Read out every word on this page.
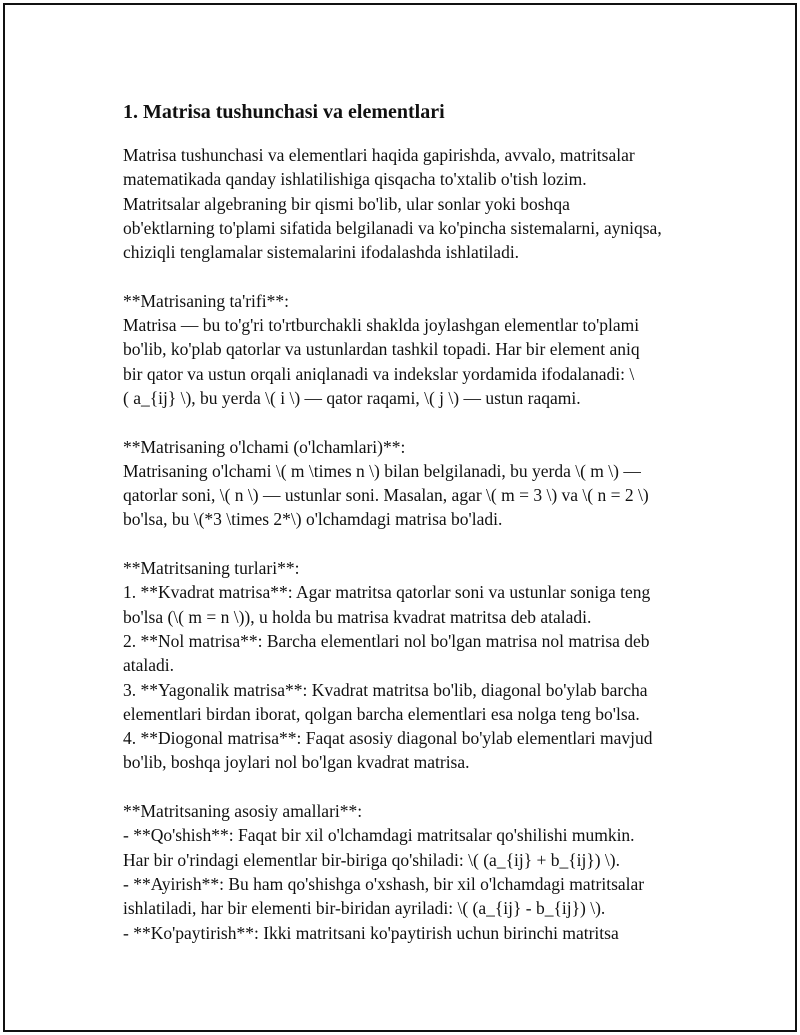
1. Matrisa tushunchasi va elementlari
Matrisa tushunchasi va elementlari haqida gapirishda, avvalo, matritsalar
matematikada qanday ishlatilishiga qisqacha to'xtalib o'tish lozim.
Matritsalar algebraning bir qismi bo'lib, ular sonlar yoki boshqa
ob'ektlarning to'plami sifatida belgilanadi va ko'pincha sistemalarni, ayniqsa,
chiziqli tenglamalar sistemalarini ifodalashda ishlatiladi.
**Matrisaning ta'rifi**:
Matrisa — bu to'g'ri to'rtburchakli shaklda joylashgan elementlar to'plami
bo'lib, ko'plab qatorlar va ustunlardan tashkil topadi. Har bir element aniq
bir qator va ustun orqali aniqlanadi va indekslar yordamida ifodalanadi: \
( a_{ij} \), bu yerda \( i \) — qator raqami, \( j \) — ustun raqami.
**Matrisaning o'lchami (o'lchamlari)**:
Matrisaning o'lchami \( m \times n \) bilan belgilanadi, bu yerda \( m \) —
qatorlar soni, \( n \) — ustunlar soni. Masalan, agar \( m = 3 \) va \( n = 2 \)
bo'lsa, bu \(*3 \times 2*\) o'lchamdagi matrisa bo'ladi.
**Matritsaning turlari**:
1. **Kvadrat matrisa**: Agar matritsa qatorlar soni va ustunlar soniga teng
bo'lsa (\( m = n \)), u holda bu matrisa kvadrat matritsa deb ataladi.
2. **Nol matrisa**: Barcha elementlari nol bo'lgan matrisa nol matrisa deb
ataladi.
3. **Yagonalik matrisa**: Kvadrat matritsa bo'lib, diagonal bo'ylab barcha
elementlari birdan iborat, qolgan barcha elementlari esa nolga teng bo'lsa.
4. **Diogonal matrisa**: Faqat asosiy diagonal bo'ylab elementlari mavjud
bo'lib, boshqa joylari nol bo'lgan kvadrat matrisa.
**Matritsaning asosiy amallari**:
- **Qo'shish**: Faqat bir xil o'lchamdagi matritsalar qo'shilishi mumkin.
Har bir o'rindagi elementlar bir-biriga qo'shiladi: \( (a_{ij} + b_{ij}) \).
- **Ayirish**: Bu ham qo'shishga o'xshash, bir xil o'lchamdagi matritsalar
ishlatiladi, har bir elementi bir-biridan ayriladi: \( (a_{ij} - b_{ij}) \).
- **Ko'paytirish**: Ikki matritsani ko'paytirish uchun birinchi matritsa
